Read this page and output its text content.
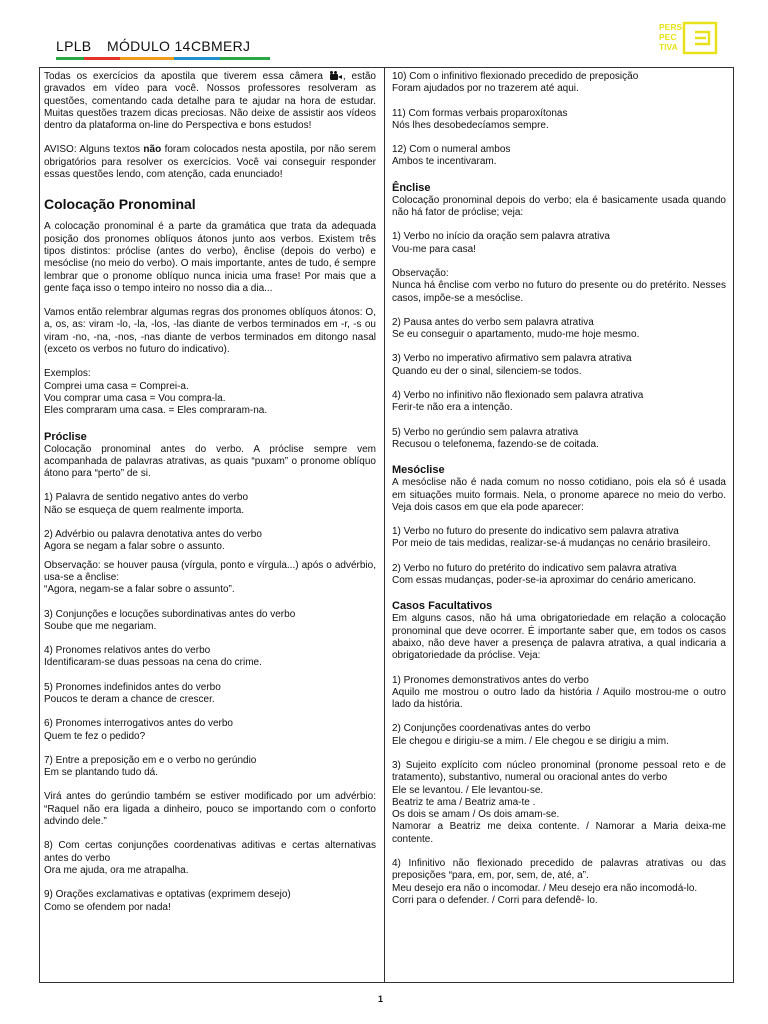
LPLB	MÓDULO 14 CBMERJ
PERS
PEC
TIVA

Todas os exercícios da apostila que tiverem essa câmera
, estão gravados em vídeo para você. Nossos professores resolveram as questões, comentando cada detalhe para te ajudar na hora de estudar. Muitas questões trazem dicas preciosas. Não deixe de assistir aos vídeos dentro da plataforma on-line do Perspectiva e bons estudos!

AVISO: Alguns textos não foram colocados nesta apostila, por não serem obrigatórios para resolver os exercícios. Você vai conseguir responder essas questões lendo, com atenção, cada enunciado!

Colocação Pronominal

A colocação pronominal é a parte da gramática que trata da adequada posição dos pronomes oblíquos átonos junto aos verbos. Existem três tipos distintos: próclise (antes do verbo), ênclise (depois do verbo) e mesóclise (no meio do verbo). O mais importante, antes de tudo, é sempre lembrar que o pronome oblíquo nunca inicia uma frase! Por mais que a gente faça isso o tempo inteiro no nosso dia a dia...

Vamos então relembrar algumas regras dos pronomes oblíquos átonos: O, a, os, as: viram -lo, -la, -los, -las diante de verbos terminados em -r, -s ou viram -no, -na, -nos, -nas diante de verbos terminados em ditongo nasal (exceto os verbos no futuro do indicativo).

Exemplos:

Comprei uma casa = Comprei-a.

Vou comprar uma casa = Vou compra-la.

Eles compraram uma casa. = Eles compraram-na.

Próclise

Colocação pronominal antes do verbo. A próclise sempre vem acompanhada de palavras atrativas, as quais “puxam” o pronome oblíquo átono para “perto” de si.

1) Palavra de sentido negativo antes do verbo

Não se esqueça de quem realmente importa.

2) Advérbio ou palavra denotativa antes do verbo

Agora se negam a falar sobre o assunto.

Observação: se houver pausa (vírgula, ponto e vírgula...) após o advérbio, usa-se a ênclise:

“Agora, negam-se a falar sobre o assunto”.

3) Conjunções e locuções subordinativas antes do verbo

Soube que me negariam.

4) Pronomes relativos antes do verbo

Identificaram-se duas pessoas na cena do crime.

5) Pronomes indefinidos antes do verbo

Poucos te deram a chance de crescer.

6) Pronomes interrogativos antes do verbo

Quem te fez o pedido?

7) Entre a preposição em e o verbo no gerúndio

Em se plantando tudo dá.

Virá antes do gerúndio também se estiver modificado por um advérbio: “Raquel não era ligada a dinheiro, pouco se importando com o conforto advindo dele.”

8) Com certas conjunções coordenativas aditivas e certas alternativas antes do verbo

Ora me ajuda, ora me atrapalha.

9) Orações exclamativas e optativas (exprimem desejo)

Como se ofendem por nada!

10) Com o infinitivo flexionado precedido de preposição

Foram ajudados por no trazerem até aqui.

11) Com formas verbais proparoxítonas

Nós lhes desobedecíamos sempre.

12) Com o numeral ambos

Ambos te incentivaram.

Ênclise

Colocação pronominal depois do verbo; ela é basicamente usada quando não há fator de próclise; veja:

1) Verbo no início da oração sem palavra atrativa

Vou-me para casa!

Observação:

Nunca há ênclise com verbo no futuro do presente ou do pretérito. Nesses casos, impõe-se a mesóclise.

2) Pausa antes do verbo sem palavra atrativa

Se eu conseguir o apartamento, mudo-me hoje mesmo.

3) Verbo no imperativo afirmativo sem palavra atrativa

Quando eu der o sinal, silenciem-se todos.

4) Verbo no infinitivo não flexionado sem palavra atrativa

Ferir-te não era a intenção.

5) Verbo no gerúndio sem palavra atrativa

Recusou o telefonema, fazendo-se de coitada.

Mesóclise

A mesóclise não é nada comum no nosso cotidiano, pois ela só é usada em situações muito formais. Nela, o pronome aparece no meio do verbo. Veja dois casos em que ela pode aparecer:

1) Verbo no futuro do presente do indicativo sem palavra atrativa

Por meio de tais medidas, realizar-se-á mudanças no cenário brasileiro.

2) Verbo no futuro do pretérito do indicativo sem palavra atrativa

Com essas mudanças, poder-se-ia aproximar do cenário americano.

Casos Facultativos

Em alguns casos, não há uma obrigatoriedade em relação a colocação pronominal que deve ocorrer. É importante saber que, em todos os casos abaixo, não deve haver a presença de palavra atrativa, a qual indicaria a obrigatoriedade da próclise. Veja:

1) Pronomes demonstrativos antes do verbo

Aquilo me mostrou o outro lado da história / Aquilo mostrou-me o outro lado da história.

2) Conjunções coordenativas antes do verbo

Ele chegou e dirigiu-se a mim. / Ele chegou e se dirigiu a mim.

3) Sujeito explícito com núcleo pronominal (pronome pessoal reto e de tratamento), substantivo, numeral ou oracional antes do verbo

Ele se levantou. / Ele levantou-se.

Beatriz te ama / Beatriz ama-te .

Os dois se amam / Os dois amam-se.

Namorar a Beatriz me deixa contente. / Namorar a Maria deixa-me contente.

4) Infinitivo não flexionado precedido de palavras atrativas ou das preposições “para, em, por, sem, de, até, a”.

Meu desejo era não o incomodar. / Meu desejo era não incomodá-lo.

Corri para o defender. / Corri para defendê- lo.

1
